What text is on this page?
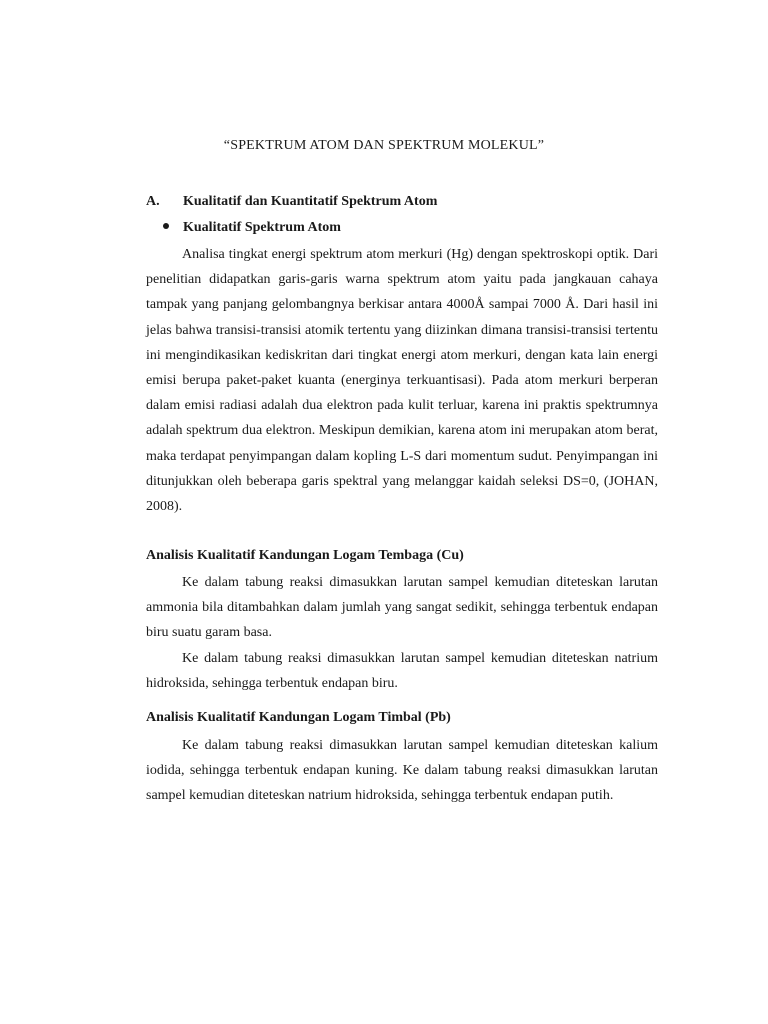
“SPEKTRUM ATOM DAN SPEKTRUM MOLEKUL”
A. Kualitatif dan Kuantitatif Spektrum Atom
Kualitatif Spektrum Atom

Analisa tingkat energi spektrum atom merkuri (Hg) dengan spektroskopi optik. Dari penelitian didapatkan garis-garis warna spektrum atom yaitu pada jangkauan cahaya tampak yang panjang gelombangnya berkisar antara 4000Å sampai 7000 Å. Dari hasil ini jelas bahwa transisi-transisi atomik tertentu yang diizinkan dimana transisi-transisi tertentu ini mengindikasikan kediskritan dari tingkat energi atom merkuri, dengan kata lain energi emisi berupa paket-paket kuanta (energinya terkuantisasi). Pada atom merkuri berperan dalam emisi radiasi adalah dua elektron pada kulit terluar, karena ini praktis spektrumnya adalah spektrum dua elektron. Meskipun demikian, karena atom ini merupakan atom berat, maka terdapat penyimpangan dalam kopling L-S dari momentum sudut. Penyimpangan ini ditunjukkan oleh beberapa garis spektral yang melanggar kaidah seleksi DS=0, (JOHAN, 2008).

Analisis Kualitatif Kandungan Logam Tembaga (Cu)

Ke dalam tabung reaksi dimasukkan larutan sampel kemudian diteteskan larutan ammonia bila ditambahkan dalam jumlah yang sangat sedikit, sehingga terbentuk endapan biru suatu garam basa.

Ke dalam tabung reaksi dimasukkan larutan sampel kemudian diteteskan natrium hidroksida, sehingga terbentuk endapan biru.

Analisis Kualitatif Kandungan Logam Timbal (Pb)

Ke dalam tabung reaksi dimasukkan larutan sampel kemudian diteteskan kalium iodida, sehingga terbentuk endapan kuning. Ke dalam tabung reaksi dimasukkan larutan sampel kemudian diteteskan natrium hidroksida, sehingga terbentuk endapan putih.
